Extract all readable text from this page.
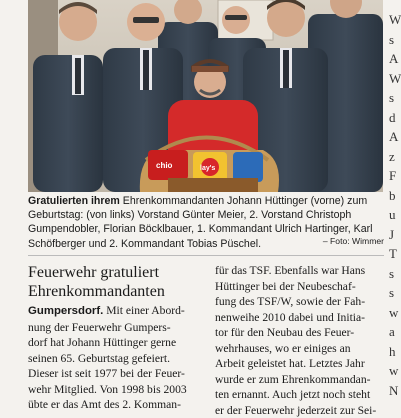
chio	lay's
W
s
A
W
s
d
A
z
F
b
u
J
T
s
s
w
a
h
w
N
Gratulierten ihrem Ehrenkommandanten Johann Hüttinger (vorne) zum Geburtstag: (von links) Vorstand Günter Meier, 2. Vorstand Christoph Gumpendobler, Florian Böcklbauer, 1. Kommandant Ulrich Hartinger, Karl Schöfberger und 2. Kommandant Tobias Püschel.	– Foto: Wimmer
Feuerwehr gratuliert Ehrenkommandanten
Gumpersdorf. Mit einer Abord-
nung der Feuerwehr Gumpers-
dorf hat Johann Hüttinger gerne
seinen 65. Geburtstag gefeiert.
Dieser ist seit 1977 bei der Feuer-
wehr Mitglied. Von 1998 bis 2003
übte er das Amt des 2. Komman-
für das TSF. Ebenfalls war Hans
Hüttinger bei der Neubeschaf-
fung des TSF/W, sowie der Fah-
nenweihe 2010 dabei und Initia-
tor für den Neubau des Feuer-
wehrhauses, wo er einiges an
Arbeit geleistet hat. Letztes Jahr
wurde er zum Ehrenkommandan-
ten ernannt. Auch jetzt noch steht
er der Feuerwehr jederzeit zur Sei-
